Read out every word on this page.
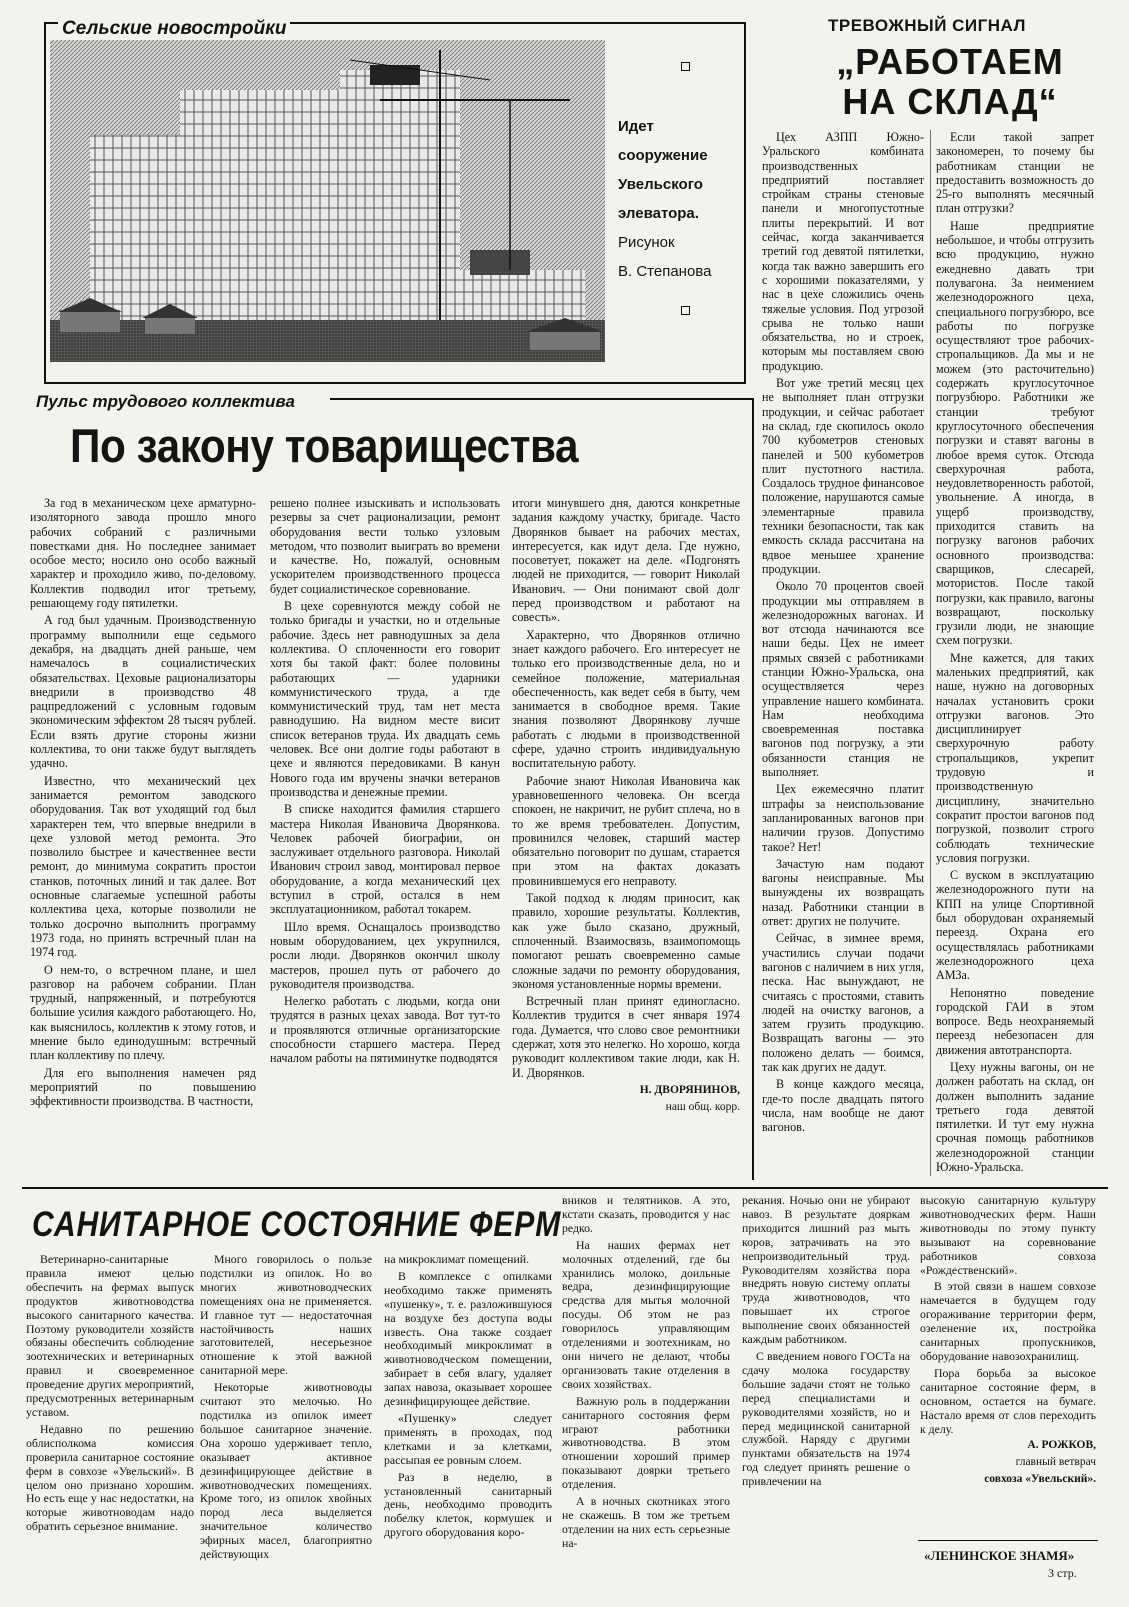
Сельские новостройки
Идет
сооружение
Увельского
элеватора.
Рисунок
В. Степанова
ТРЕВОЖНЫЙ СИГНАЛ
„РАБОТАЕМ
НА СКЛАД“

Цех АЗПП Южно-Уральского комбината производственных предприятий поставляет стройкам страны стеновые панели и многопустотные плиты перекрытий. И вот сейчас, когда заканчивается третий год девятой пятилетки, когда так важно завершить его с хорошими показателями, у нас в цехе сложились очень тяжелые условия. Под угрозой срыва не только наши обязательства, но и строек, которым мы поставляем свою продукцию.

Вот уже третий месяц цех не выполняет план отгрузки продукции, и сейчас работает на склад, где скопилось около 700 кубометров стеновых панелей и 500 кубометров плит пустотного настила. Создалось трудное финансовое положение, нарушаются самые элементарные правила техники безопасности, так как емкость склада рассчитана на вдвое меньшее хранение продукции.

Около 70 процентов своей продукции мы отправляем в железнодорожных вагонах. И вот отсюда начинаются все наши беды. Цех не имеет прямых связей с работниками станции Южно-Уральска, она осуществляется через управление нашего комбината. Нам необходима своевременная поставка вагонов под погрузку, а эти обязанности станция не выполняет.

Цех ежемесячно платит штрафы за неиспользование запланированных вагонов при наличии грузов. Допустимо такое? Нет!

Зачастую нам подают вагоны неисправные. Мы вынуждены их возвращать назад. Работники станции в ответ: других не получите.

Сейчас, в зимнее время, участились случаи подачи вагонов с наличием в них угля, песка. Нас вынуждают, не считаясь с простоями, ставить людей на очистку вагонов, а затем грузить продукцию. Возвращать вагоны — это положено делать — боимся, так как других не дадут.

В конце каждого месяца, где-то после двадцать пятого числа, нам вообще не дают вагонов.

Если такой запрет закономерен, то почему бы работникам станции не предоставить возможность до 25-го выполнять месячный план отгрузки?

Наше предприятие небольшое, и чтобы отгрузить всю продукцию, нужно ежедневно давать три полувагона. За неимением железнодорожного цеха, специального погрузбюро, все работы по погрузке осуществляют трое рабочих-стропальщиков. Да мы и не можем (это расточительно) содержать круглосуточное погрузбюро. Работники же станции требуют круглосуточного обеспечения погрузки и ставят вагоны в любое время суток. Отсюда сверхурочная работа, неудовлетворенность работой, увольнение. А иногда, в ущерб производству, приходится ставить на погрузку вагонов рабочих основного производства: сварщиков, слесарей, мотористов. После такой погрузки, как правило, вагоны возвращают, поскольку грузили люди, не знающие схем погрузки.

Мне кажется, для таких маленьких предприятий, как наше, нужно на договорных началах установить сроки отгрузки вагонов. Это дисциплинирует сверхурочную работу стропальщиков, укрепит трудовую и производственную дисциплину, значительно сократит простои вагонов под погрузкой, позволит строго соблюдать технические условия погрузки.

С вуском в эксплуатацию железнодорожного пути на КПП на улице Спортивной был оборудован охраняемый переезд. Охрана его осуществлялась работниками железнодорожного цеха АМЗа.

Непонятно поведение городской ГАИ в этом вопросе. Ведь неохраняемый переезд небезопасен для движения автотранспорта.

Цеху нужны вагоны, он не должен работать на склад, он должен выполнить задание третьего года девятой пятилетки. И тут ему нужна срочная помощь работников железнодорожной станции Южно-Уральска.

Пульс трудового коллектива
По закону товарищества

За год в механическом цехе арматурно-изоляторного завода прошло много рабочих собраний с различными повестками дня. Но последнее занимает особое место; носило оно особо важный характер и проходило живо, по-деловому. Коллектив подводил итог третьему, решающему году пятилетки.

А год был удачным. Производственную программу выполнили еще седьмого декабря, на двадцать дней раньше, чем намечалось в социалистических обязательствах. Цеховые рационализаторы внедрили в производство 48 рацпредложений с условным годовым экономическим эффектом 28 тысяч рублей. Если взять другие стороны жизни коллектива, то они также будут выглядеть удачно.

Известно, что механический цех занимается ремонтом заводского оборудования. Так вот уходящий год был характерен тем, что впервые внедрили в цехе узловой метод ремонта. Это позволило быстрее и качественнее вести ремонт, до минимума сократить простои станков, поточных линий и так далее. Вот основные слагаемые успешной работы коллектива цеха, которые позволили не только досрочно выполнить программу 1973 года, но принять встречный план на 1974 год.

О нем-то, о встречном плане, и шел разговор на рабочем собрании. План трудный, напряженный, и потребуются большие усилия каждого работающего. Но, как выяснилось, коллектив к этому готов, и мнение было единодушным: встречный план коллективу по плечу.

Для его выполнения намечен ряд мероприятий по повышению эффективности производства. В частности,

решено полнее изыскивать и использовать резервы за счет рационализации, ремонт оборудования вести только узловым методом, что позволит выиграть во времени и качестве. Но, пожалуй, основным ускорителем производственного процесса будет социалистическое соревнование.

В цехе соревнуются между собой не только бригады и участки, но и отдельные рабочие. Здесь нет равнодушных за дела коллектива. О сплоченности его говорит хотя бы такой факт: более половины работающих — ударники коммунистического труда, а где коммунистический труд, там нет места равнодушию. На видном месте висит список ветеранов труда. Их двадцать семь человек. Все они долгие годы работают в цехе и являются передовиками. В канун Нового года им вручены значки ветеранов производства и денежные премии.

В списке находится фамилия старшего мастера Николая Ивановича Дворянкова. Человек рабочей биографии, он заслуживает отдельного разговора. Николай Иванович строил завод, монтировал первое оборудование, а когда механический цех вступил в строй, остался в нем эксплуатационником, работал токарем.

Шло время. Оснащалось производство новым оборудованием, цех укрупнился, росли люди. Дворянков окончил школу мастеров, прошел путь от рабочего до руководителя производства.

Нелегко работать с людьми, когда они трудятся в разных цехах завода. Вот тут-то и проявляются отличные организаторские способности старшего мастера. Перед началом работы на пятиминутке подводятся

итоги минувшего дня, даются конкретные задания каждому участку, бригаде. Часто Дворянков бывает на рабочих местах, интересуется, как идут дела. Где нужно, посоветует, покажет на деле. «Подгонять людей не приходится, — говорит Николай Иванович. — Они понимают свой долг перед производством и работают на совесть».

Характерно, что Дворянков отлично знает каждого рабочего. Его интересует не только его производственные дела, но и семейное положение, материальная обеспеченность, как ведет себя в быту, чем занимается в свободное время. Такие знания позволяют Дворянкову лучше работать с людьми в производственной сфере, удачно строить индивидуальную воспитательную работу.

Рабочие знают Николая Ивановича как уравновешенного человека. Он всегда спокоен, не накричит, не рубит сплеча, но в то же время требователен. Допустим, провинился человек, старший мастер обязательно поговорит по душам, старается при этом на фактах доказать провинившемуся его неправоту.

Такой подход к людям приносит, как правило, хорошие результаты. Коллектив, как уже было сказано, дружный, сплоченный. Взаимосвязь, взаимопомощь помогают решать своевременно самые сложные задачи по ремонту оборудования, экономя установленные нормы времени.

Встречный план принят единогласно. Коллектив трудится в счет января 1974 года. Думается, что слово свое ремонтники сдержат, хотя это нелегко. Но хорошо, когда руководит коллективом такие люди, как Н. И. Дворянков.

Н. ДВОРЯНИНОВ,

наш общ. корр.

САНИТАРНОЕ СОСТОЯНИЕ ФЕРМ

Ветеринарно-санитарные правила имеют целью обеспечить на фермах выпуск продуктов животноводства высокого санитарного качества. Поэтому руководители хозяйств обязаны обеспечить соблюдение зоотехнических и ветеринарных правил и своевременное проведение других мероприятий, предусмотренных ветеринарным уставом.

Недавно по решению облисполкома комиссия проверила санитарное состояние ферм в совхозе «Увельский». В целом оно признано хорошим. Но есть еще у нас недостатки, на которые животноводам надо обратить серьезное внимание.

Много говорилось о пользе подстилки из опилок. Но во многих животноводческих помещениях она не применяется. И главное тут — недостаточная настойчивость наших заготовителей, несерьезное отношение к этой важной санитарной мере.

Некоторые животноводы считают это мелочью. Но подстилка из опилок имеет большое санитарное значение. Она хорошо удерживает тепло, оказывает активное дезинфицирующее действие в животноводческих помещениях. Кроме того, из опилок хвойных пород леса выделяется значительное количество эфирных масел, благоприятно действующих

на микроклимат помещений.

В комплексе с опилками необходимо также применять «пушенку», т. е. разложившуюся на воздухе без доступа воды известь. Она также создает необходимый микроклимат в животноводческом помещении, забирает в себя влагу, удаляет запах навоза, оказывает хорошее дезинфицирующее действие.

«Пушенку» следует применять в проходах, под клетками и за клетками, рассыпая ее ровным слоем.

Раз в неделю, в установленный санитарный день, необходимо проводить побелку клеток, кормушек и другого оборудования коро-

вников и телятников. А это, кстати сказать, проводится у нас редко.

На наших фермах нет молочных отделений, где бы хранились молоко, доильные ведра, дезинфицирующие средства для мытья молочной посуды. Об этом не раз говорилось управляющим отделениями и зоотехникам, но они ничего не делают, чтобы организовать такие отделения в своих хозяйствах.

Важную роль в поддержании санитарного состояния ферм играют работники животноводства. В этом отношении хороший пример показывают доярки третьего отделения.

А в ночных скотниках этого не скажешь. В том же третьем отделении на них есть серьезные на-

рекания. Ночью они не убирают навоз. В результате дояркам приходится лишний раз мыть коров, затрачивать на это непроизводительный труд. Руководителям хозяйства пора внедрять новую систему оплаты труда животноводов, что повышает их строгое выполнение своих обязанностей каждым работником.

С введением нового ГОСТа на сдачу молока государству большие задачи стоят не только перед специалистами и руководителями хозяйств, но и перед медицинской санитарной службой. Наряду с другими пунктами обязательств на 1974 год следует принять решение о привлечении на

высокую санитарную культуру животноводческих ферм. Наши животноводы по этому пункту вызывают на соревнование работников совхоза «Рождественский».

В этой связи в нашем совхозе намечается в будущем году огораживание территории ферм, озеленение их, постройка санитарных пропускников, оборудование навозохранилищ.

Пора борьба за высокое санитарное состояние ферм, в основном, остается на бумаге. Настало время от слов переходить к делу.

А. РОЖКОВ,

главный ветврач

совхоза «Увельский».

«ЛЕНИНСКОЕ ЗНАМЯ»
3 стр.
